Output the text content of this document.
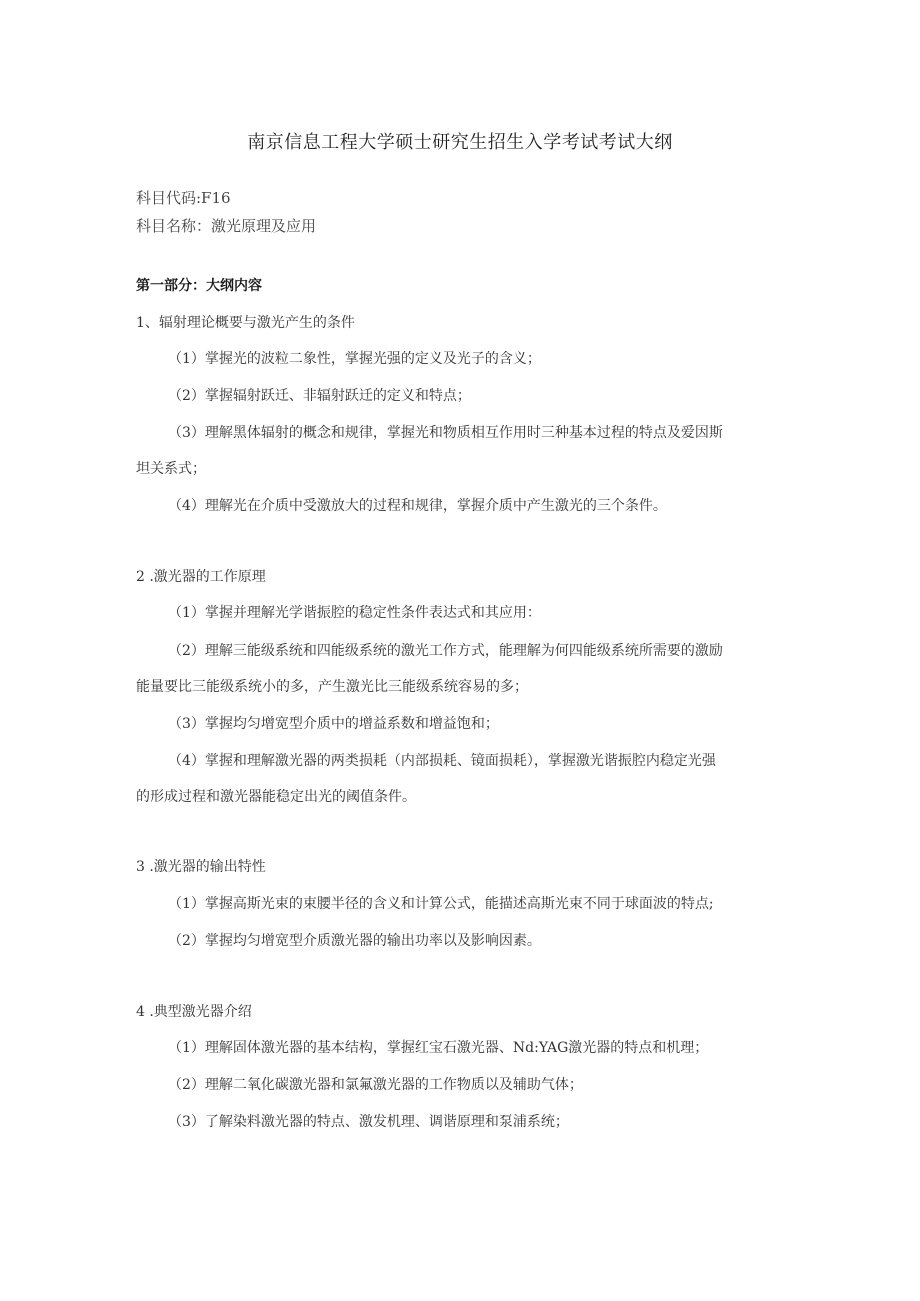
南京信息工程大学硕士研究生招生入学考试考试大纲
科目代码:F16
科目名称：激光原理及应用
第一部分：大纲内容
1、辐射理论概要与激光产生的条件
（1）掌握光的波粒二象性，掌握光强的定义及光子的含义；
（2）掌握辐射跃迁、非辐射跃迁的定义和特点；
（3）理解黑体辐射的概念和规律，掌握光和物质相互作用时三种基本过程的特点及爱因斯
坦关系式；
（4）理解光在介质中受激放大的过程和规律，掌握介质中产生激光的三个条件。
2 .激光器的工作原理
（1）掌握并理解光学谐振腔的稳定性条件表达式和其应用：
（2）理解三能级系统和四能级系统的激光工作方式，能理解为何四能级系统所需要的激励
能量要比三能级系统小的多，产生激光比三能级系统容易的多；
（3）掌握均匀增宽型介质中的增益系数和增益饱和；
（4）掌握和理解激光器的两类损耗（内部损耗、镜面损耗），掌握激光谐振腔内稳定光强
的形成过程和激光器能稳定出光的阈值条件。
3 .激光器的输出特性
（1）掌握高斯光束的束腰半径的含义和计算公式，能描述高斯光束不同于球面波的特点;
（2）掌握均匀增宽型介质激光器的输出功率以及影响因素。
4 .典型激光器介绍
（1）理解固体激光器的基本结构，掌握红宝石激光器、Nd:YAG激光器的特点和机理；
（2）理解二氧化碳激光器和氯氟激光器的工作物质以及辅助气体；
（3）了解染料激光器的特点、激发机理、调谐原理和泵浦系统；
